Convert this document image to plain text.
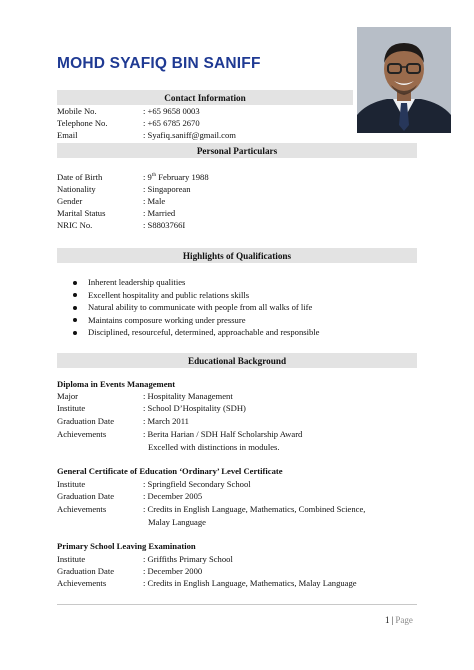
MOHD SYAFIQ BIN SANIFF
Contact Information
Mobile No.	: +65 9658 0003
Telephone No.	: +65 6785 2670
Email	: Syafiq.saniff@gmail.com
Personal Particulars
Date of Birth	: 9th February 1988
Nationality	: Singaporean
Gender	: Male
Marital Status	: Married
NRIC No.	: S8803766I
Highlights of Qualifications
Inherent leadership qualities
Excellent hospitality and public relations skills
Natural ability to communicate with people from all walks of life
Maintains composure working under pressure
Disciplined, resourceful, determined, approachable and responsible
Educational Background
Diploma in Events Management
Major	: Hospitality Management
Institute	: School D’Hospitality (SDH)
Graduation Date	: March 2011
Achievements	: Berita Harian / SDH Half Scholarship Award
Excelled with distinctions in modules.
General Certificate of Education ‘Ordinary’ Level Certificate
Institute	: Springfield Secondary School
Graduation Date	: December 2005
Achievements	: Credits in English Language, Mathematics, Combined Science,
Malay Language
Primary School Leaving Examination
Institute	: Griffiths Primary School
Graduation Date	: December 2000
Achievements	: Credits in English Language, Mathematics, Malay Language
1 | Page
